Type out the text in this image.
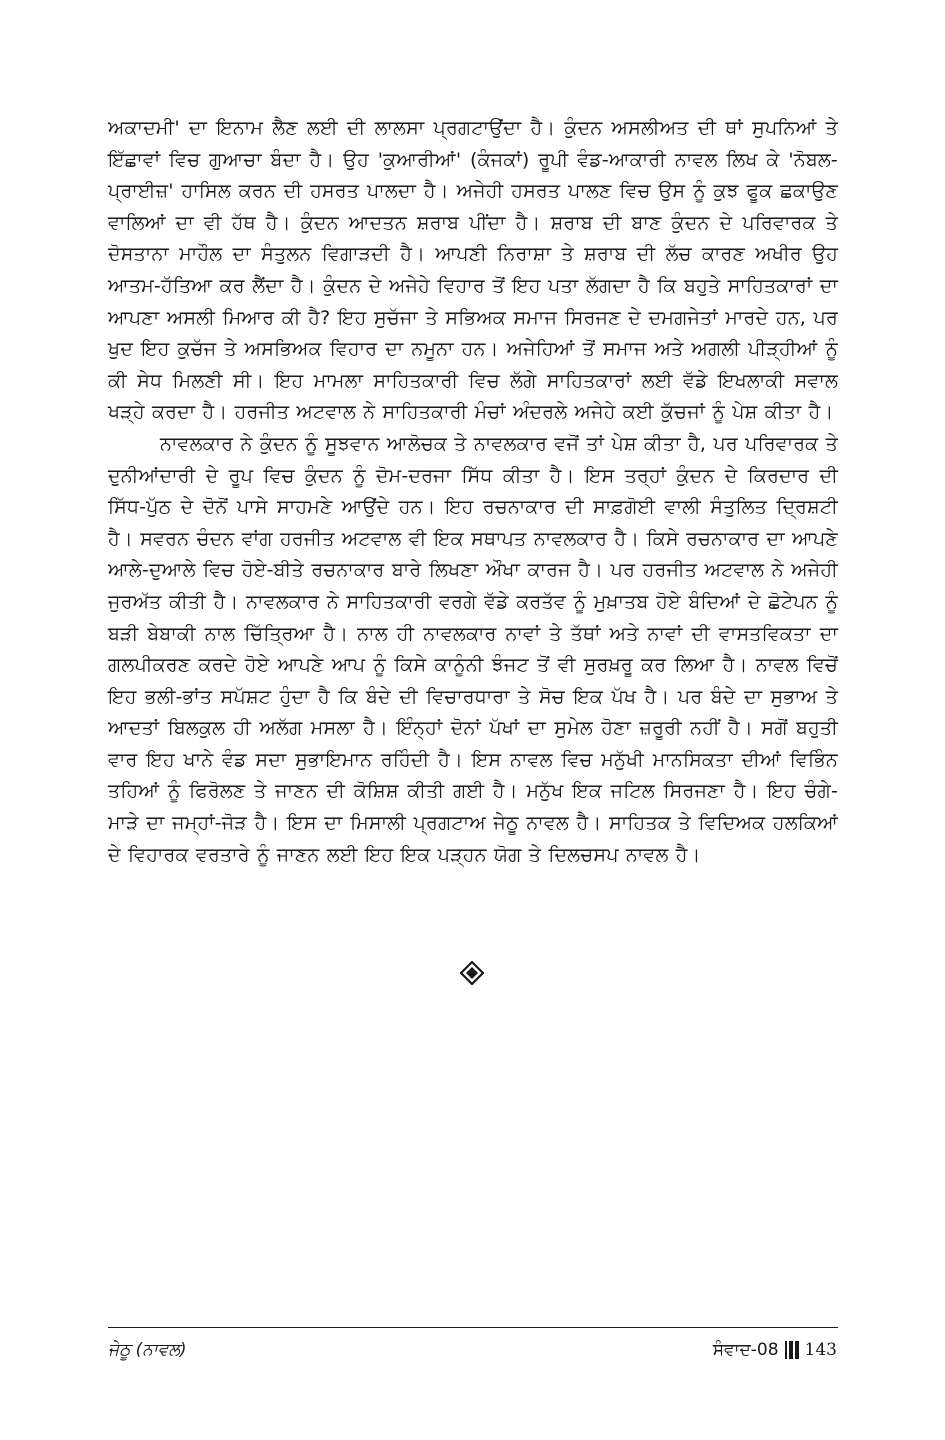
ਅਕਾਦਮੀ' ਦਾ ਇਨਾਮ ਲੈਣ ਲਈ ਦੀ ਲਾਲਸਾ ਪ੍ਰਗਟਾਉਂਦਾ ਹੈ। ਕੁੰਦਨ ਅਸਲੀਅਤ ਦੀ ਥਾਂ ਸੁਪਨਿਆਂ ਤੇ ਇੱਛਾਵਾਂ ਵਿਚ ਗੁਆਚਾ ਬੰਦਾ ਹੈ। ਉਹ 'ਕੁਆਰੀਆਂ' (ਕੰਜਕਾਂ) ਰੂਪੀ ਵੰਡ-ਆਕਾਰੀ ਨਾਵਲ ਲਿਖ ਕੇ 'ਨੋਬਲ-ਪ੍ਰਾਈਜ਼' ਹਾਸਿਲ ਕਰਨ ਦੀ ਹਸਰਤ ਪਾਲਦਾ ਹੈ। ਅਜੇਹੀ ਹਸਰਤ ਪਾਲਣ ਵਿਚ ਉਸ ਨੂੰ ਕੁਝ ਫੂਕ ਛਕਾਉਣ ਵਾਲਿਆਂ ਦਾ ਵੀ ਹੱਥ ਹੈ। ਕੁੰਦਨ ਆਦਤਨ ਸ਼ਰਾਬ ਪੀਂਦਾ ਹੈ। ਸ਼ਰਾਬ ਦੀ ਬਾਣ ਕੁੰਦਨ ਦੇ ਪਰਿਵਾਰਕ ਤੇ ਦੋਸਤਾਨਾ ਮਾਹੌਲ ਦਾ ਸੰਤੁਲਨ ਵਿਗਾੜਦੀ ਹੈ। ਆਪਣੀ ਨਿਰਾਸ਼ਾ ਤੇ ਸ਼ਰਾਬ ਦੀ ਲੱਚ ਕਾਰਣ ਅਖੀਰ ਉਹ ਆਤਮ-ਹੱਤਿਆ ਕਰ ਲੈਂਦਾ ਹੈ। ਕੁੰਦਨ ਦੇ ਅਜੇਹੇ ਵਿਹਾਰ ਤੋਂ ਇਹ ਪਤਾ ਲੱਗਦਾ ਹੈ ਕਿ ਬਹੁਤੇ ਸਾਹਿਤਕਾਰਾਂ ਦਾ ਆਪਣਾ ਅਸਲੀ ਮਿਆਰ ਕੀ ਹੈ? ਇਹ ਸੁਚੱਜਾ ਤੇ ਸਭਿਅਕ ਸਮਾਜ ਸਿਰਜਣ ਦੇ ਦਮਗਜੇਤਾਂ ਮਾਰਦੇ ਹਨ, ਪਰ ਖੁਦ ਇਹ ਕੁਚੱਜ ਤੇ ਅਸਭਿਅਕ ਵਿਹਾਰ ਦਾ ਨਮੂਨਾ ਹਨ। ਅਜੇਹਿਆਂ ਤੋਂ ਸਮਾਜ ਅਤੇ ਅਗਲੀ ਪੀੜ੍ਹੀਆਂ ਨੂੰ ਕੀ ਸੇਧ ਮਿਲਣੀ ਸੀ। ਇਹ ਮਾਮਲਾ ਸਾਹਿਤਕਾਰੀ ਵਿਚ ਲੱਗੇ ਸਾਹਿਤਕਾਰਾਂ ਲਈ ਵੱਡੇ ਇਖਲਾਕੀ ਸਵਾਲ ਖੜ੍ਹੇ ਕਰਦਾ ਹੈ। ਹਰਜੀਤ ਅਟਵਾਲ ਨੇ ਸਾਹਿਤਕਾਰੀ ਮੰਚਾਂ ਅੰਦਰਲੇ ਅਜੇਹੇ ਕਈ ਕੁੱਚਜਾਂ ਨੂੰ ਪੇਸ਼ ਕੀਤਾ ਹੈ।

ਨਾਵਲਕਾਰ ਨੇ ਕੁੰਦਨ ਨੂੰ ਸੂਝਵਾਨ ਆਲੋਚਕ ਤੇ ਨਾਵਲਕਾਰ ਵਜੋਂ ਤਾਂ ਪੇਸ਼ ਕੀਤਾ ਹੈ, ਪਰ ਪਰਿਵਾਰਕ ਤੇ ਦੁਨੀਆਂਦਾਰੀ ਦੇ ਰੂਪ ਵਿਚ ਕੁੰਦਨ ਨੂੰ ਦੋਮ-ਦਰਜਾ ਸਿੱਧ ਕੀਤਾ ਹੈ। ਇਸ ਤਰ੍ਹਾਂ ਕੁੰਦਨ ਦੇ ਕਿਰਦਾਰ ਦੀ ਸਿੱਧ-ਪੁੱਠ ਦੇ ਦੋਨੋਂ ਪਾਸੇ ਸਾਹਮਣੇ ਆਉਂਦੇ ਹਨ। ਇਹ ਰਚਨਾਕਾਰ ਦੀ ਸਾਫ਼ਗੋਈ ਵਾਲੀ ਸੰਤੁਲਿਤ ਦ੍ਰਿਸ਼ਟੀ ਹੈ। ਸਵਰਨ ਚੰਦਨ ਵਾਂਗ ਹਰਜੀਤ ਅਟਵਾਲ ਵੀ ਇਕ ਸਥਾਪਤ ਨਾਵਲਕਾਰ ਹੈ। ਕਿਸੇ ਰਚਨਾਕਾਰ ਦਾ ਆਪਣੇ ਆਲੇ-ਦੁਆਲੇ ਵਿਚ ਹੋਏ-ਬੀਤੇ ਰਚਨਾਕਾਰ ਬਾਰੇ ਲਿਖਣਾ ਔਖਾ ਕਾਰਜ ਹੈ। ਪਰ ਹਰਜੀਤ ਅਟਵਾਲ ਨੇ ਅਜੇਹੀ ਜੁਰਅੱਤ ਕੀਤੀ ਹੈ। ਨਾਵਲਕਾਰ ਨੇ ਸਾਹਿਤਕਾਰੀ ਵਰਗੇ ਵੱਡੇ ਕਰਤੱਵ ਨੂੰ ਮੁਖ਼ਾਤਬ ਹੋਏ ਬੰਦਿਆਂ ਦੇ ਛੋਟੇਪਨ ਨੂੰ ਬੜੀ ਬੇਬਾਕੀ ਨਾਲ ਚਿੱਤ੍ਰਿਆ ਹੈ। ਨਾਲ ਹੀ ਨਾਵਲਕਾਰ ਨਾਵਾਂ ਤੇ ਤੱਥਾਂ ਅਤੇ ਨਾਵਾਂ ਦੀ ਵਾਸਤਵਿਕਤਾ ਦਾ ਗਲਪੀਕਰਣ ਕਰਦੇ ਹੋਏ ਆਪਣੇ ਆਪ ਨੂੰ ਕਿਸੇ ਕਾਨੂੰਨੀ ਝੰਜਟ ਤੋਂ ਵੀ ਸੁਰਖ਼ਰੂ ਕਰ ਲਿਆ ਹੈ। ਨਾਵਲ ਵਿਚੋਂ ਇਹ ਭਲੀ-ਭਾਂਤ ਸਪੱਸ਼ਟ ਹੁੰਦਾ ਹੈ ਕਿ ਬੰਦੇ ਦੀ ਵਿਚਾਰਧਾਰਾ ਤੇ ਸੋਚ ਇਕ ਪੱਖ ਹੈ। ਪਰ ਬੰਦੇ ਦਾ ਸੁਭਾਅ ਤੇ ਆਦਤਾਂ ਬਿਲਕੁਲ ਹੀ ਅਲੱਗ ਮਸਲਾ ਹੈ। ਇੰਨ੍ਹਾਂ ਦੋਨਾਂ ਪੱਖਾਂ ਦਾ ਸੁਮੇਲ ਹੋਣਾ ਜ਼ਰੂਰੀ ਨਹੀਂ ਹੈ। ਸਗੋਂ ਬਹੁਤੀ ਵਾਰ ਇਹ ਖਾਨੇ ਵੰਡ ਸਦਾ ਸੁਭਾਇਮਾਨ ਰਹਿੰਦੀ ਹੈ। ਇਸ ਨਾਵਲ ਵਿਚ ਮਨੁੱਖੀ ਮਾਨਸਿਕਤਾ ਦੀਆਂ ਵਿਭਿੰਨ ਤਹਿਆਂ ਨੂੰ ਫਿਰੋਲਣ ਤੇ ਜਾਣਨ ਦੀ ਕੋਸ਼ਿਸ਼ ਕੀਤੀ ਗਈ ਹੈ। ਮਨੁੱਖ ਇਕ ਜਟਿਲ ਸਿਰਜਣਾ ਹੈ। ਇਹ ਚੰਗੇ-ਮਾੜੇ ਦਾ ਜਮ੍ਹਾਂ-ਜੋੜ ਹੈ। ਇਸ ਦਾ ਮਿਸਾਲੀ ਪ੍ਰਗਟਾਅ ਜੇਠੂ ਨਾਵਲ ਹੈ। ਸਾਹਿਤਕ ਤੇ ਵਿਦਿਅਕ ਹਲਕਿਆਂ ਦੇ ਵਿਹਾਰਕ ਵਰਤਾਰੇ ਨੂੰ ਜਾਣਨ ਲਈ ਇਹ ਇਕ ਪੜ੍ਹਨ ਯੋਗ ਤੇ ਦਿਲਚਸਪ ਨਾਵਲ ਹੈ।

ਜੇਠੂ (ਨਾਵਲ)	ਸੰਵਾਦ-08 143
